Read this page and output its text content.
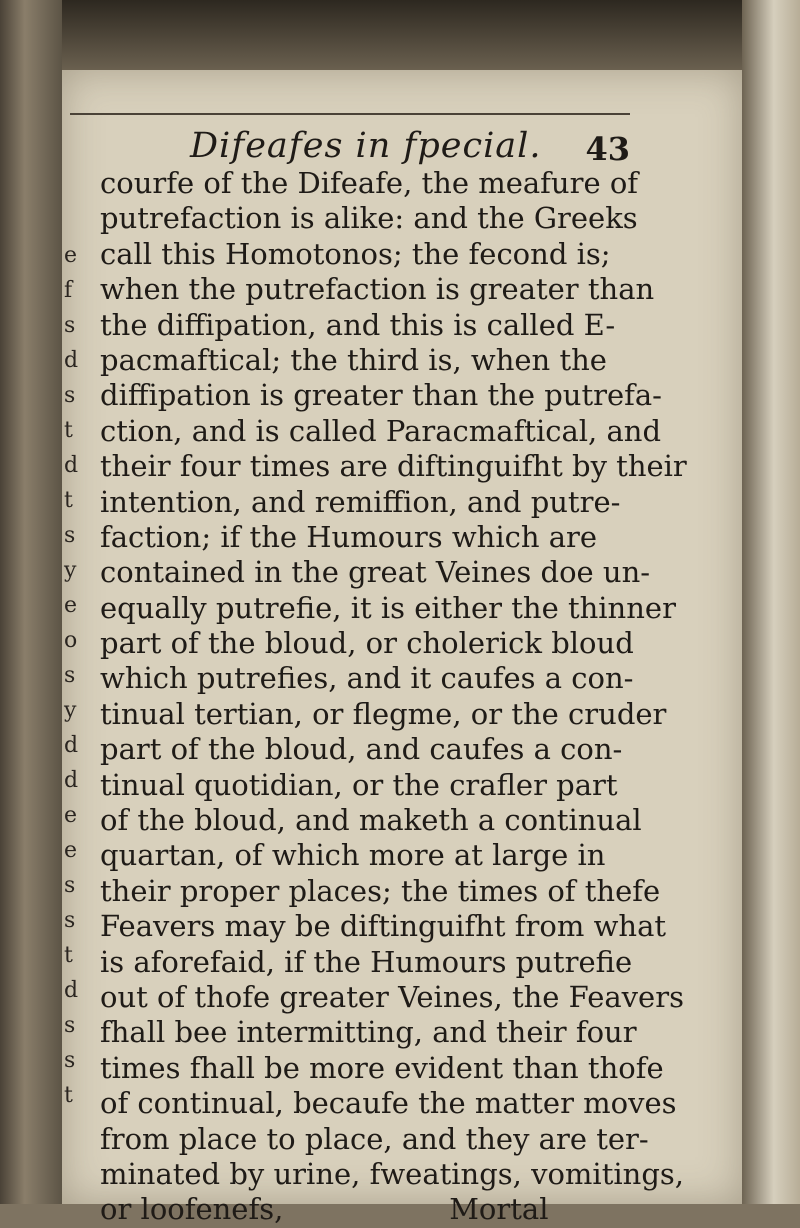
e
f
s
d
s
t
d
t
s
y
e
o
s
y
d
d
e
e
s
s
t
d
s
s
t
Difeafes in fpecial. 43
courfe of the Difeafe, the meafure of
putrefaction is alike: and the Greeks
call this Homotonos; the fecond is;
when the putrefaction is greater than
the diffipation, and this is called E-
pacmaftical; the third is, when the
diffipation is greater than the putrefa-
ction, and is called Paracmaftical, and
their four times are diftinguifht by their
intention, and remiffion, and putre-
faction; if the Humours which are
contained in the great Veines doe un-
equally putrefie, it is either the thinner
part of the bloud, or cholerick bloud
which putrefies, and it caufes a con-
tinual tertian, or flegme, or the cruder
part of the bloud, and caufes a con-
tinual quotidian, or the crafler part
of the bloud, and maketh a continual
quartan, of which more at large in
their proper places; the times of thefe
Feavers may be diftinguifht from what
is aforefaid, if the Humours putrefie
out of thofe greater Veines, the Feavers
fhall bee intermitting, and their four
times fhall be more evident than thofe
of continual, becaufe the matter moves
from place to place, and they are ter-
minated by urine, fweatings, vomitings,
or loofenefs,                  Mortal
